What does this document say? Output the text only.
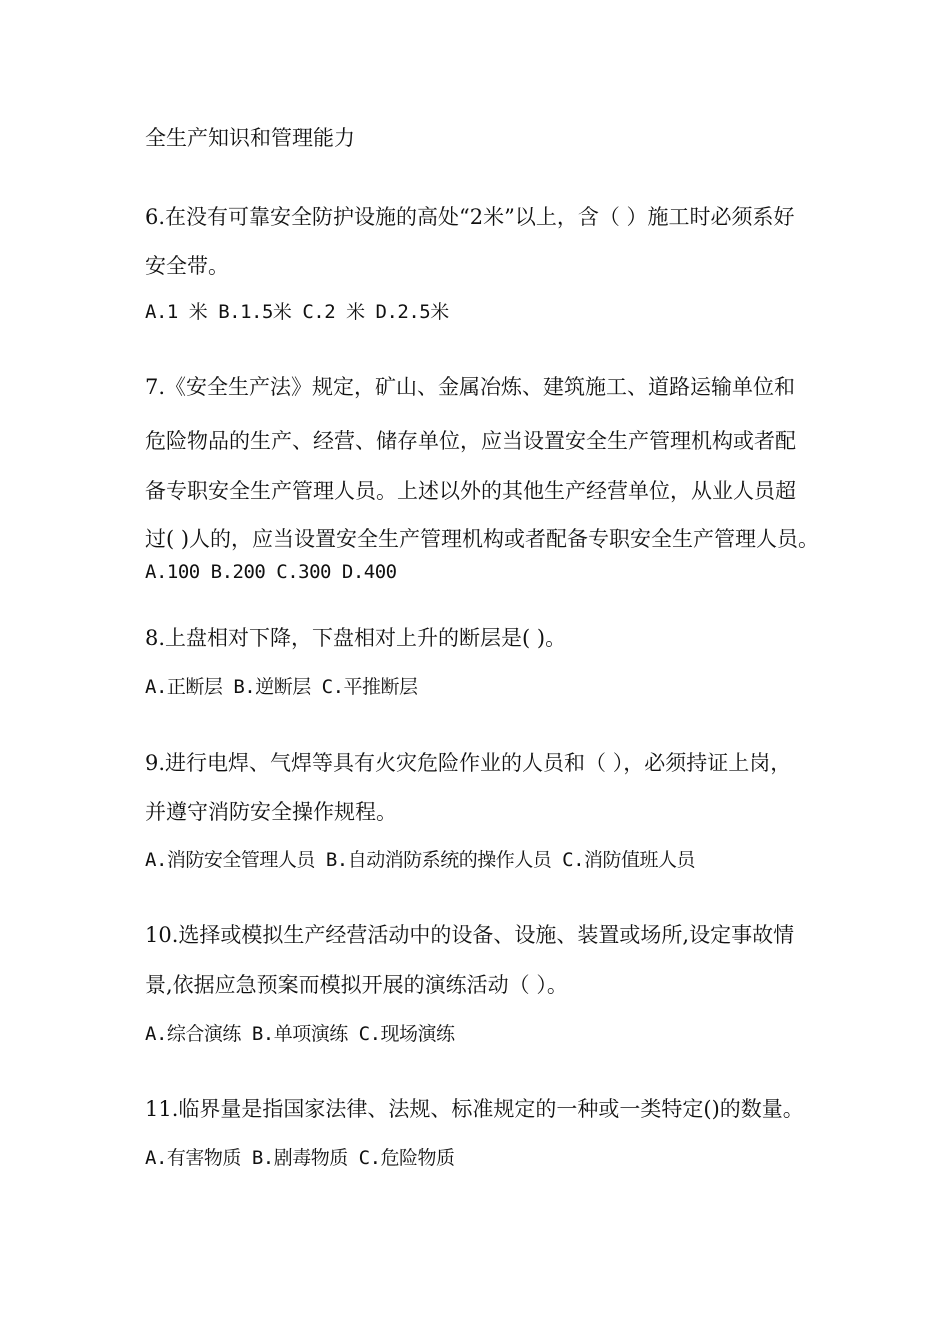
全生产知识和管理能力
6.在没有可靠安全防护设施的高处“2米”以上，含（ ）施工时必须系好
安全带。
A.1 米 B.1.5米 C.2 米 D.2.5米
7.《安全生产法》规定，矿山、金属冶炼、建筑施工、道路运输单位和
危险物品的生产、经营、储存单位，应当设置安全生产管理机构或者配
备专职安全生产管理人员。上述以外的其他生产经营单位，从业人员超
过( )人的，应当设置安全生产管理机构或者配备专职安全生产管理人员。
A.100 B.200 C.300 D.400
8.上盘相对下降，下盘相对上升的断层是( )。
A.正断层 B.逆断层 C.平推断层
9.进行电焊、气焊等具有火灾危险作业的人员和（ ），必须持证上岗，
并遵守消防安全操作规程。
A.消防安全管理人员 B.自动消防系统的操作人员 C.消防值班人员
10.选择或模拟生产经营活动中的设备、设施、装置或场所,设定事故情
景,依据应急预案而模拟开展的演练活动（ ）。
A.综合演练 B.单项演练 C.现场演练
11.临界量是指国家法律、法规、标准规定的一种或一类特定()的数量。
A.有害物质 B.剧毒物质 C.危险物质
